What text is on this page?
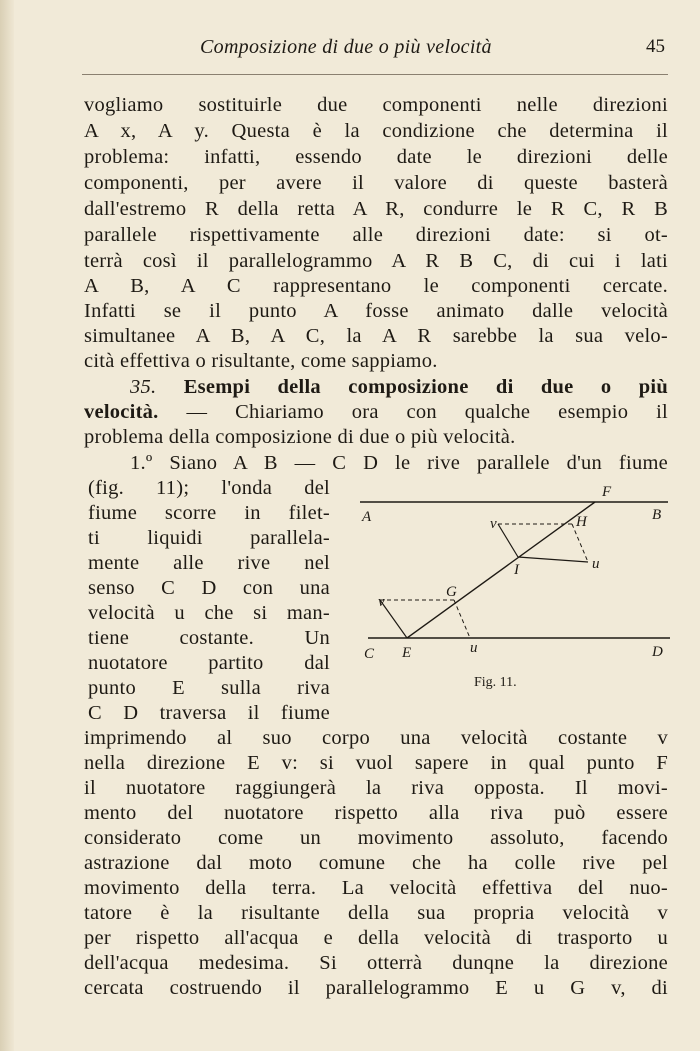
Composizione di due o più velocità	45
vogliamo sostituirle due componenti nelle direzioni
A x, A y. Questa è la condizione che determina il
problema: infatti, essendo date le direzioni delle
componenti, per avere il valore di queste basterà
dall'estremo R della retta A R, condurre le R C, R B
parallele rispettivamente alle direzioni date: si ot-
terrà così il parallelogrammo A R B C, di cui i lati
A B, A C rappresentano le componenti cercate.
Infatti se il punto A fosse animato dalle velocità
simultanee A B, A C, la A R sarebbe la sua velo-
cità effettiva o risultante, come sappiamo.
35. Esempi della composizione di due o più
velocità. — Chiariamo ora con qualche esempio il
problema della composizione di due o più velocità.
1.º Siano A B — C D le rive parallele d'un fiume
(fig. 11); l'onda del
fiume scorre in filet-
ti liquidi parallela-
mente alle rive nel
senso C D con una
velocità u che si man-
tiene costante. Un
nuotatore partito dal
punto E sulla riva
C D traversa il fiume
imprimendo al suo corpo una velocità costante v
nella direzione E v: si vuol sapere in qual punto F
il nuotatore raggiungerà la riva opposta. Il movi-
mento del nuotatore rispetto alla riva può essere
considerato come un movimento assoluto, facendo
astrazione dal moto comune che ha colle rive pel
movimento della terra. La velocità effettiva del nuo-
tatore è la risultante della sua propria velocità v
per rispetto all'acqua e della velocità di trasporto u
dell'acqua medesima. Si otterrà dunqne la direzione
cercata costruendo il parallelogrammo E u G v, di
A	B
C	D
E
F
G
H
I
u
u
v
v
Fig. 11.
